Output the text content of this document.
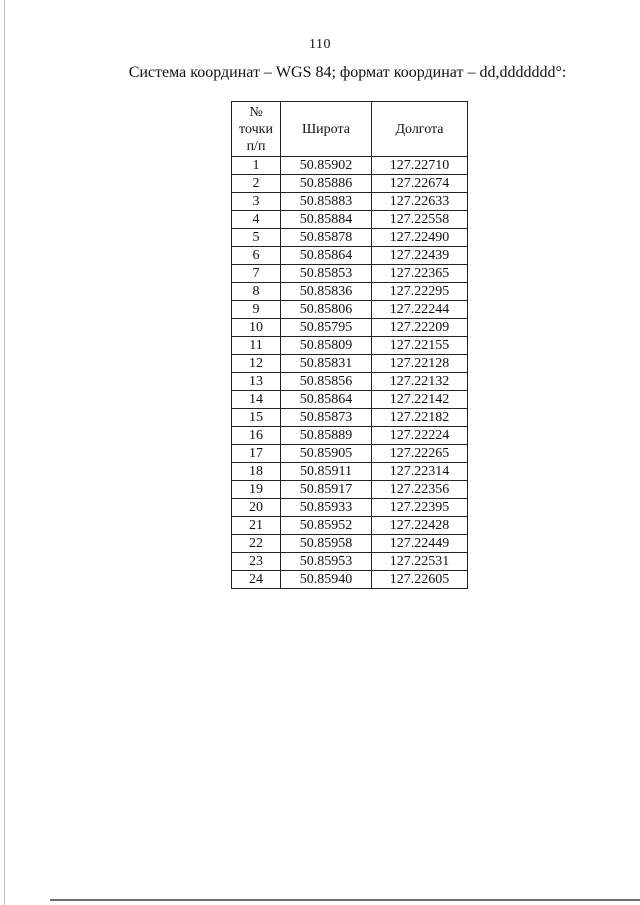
110
Система координат – WGS 84; формат координат – dd,ddddddd°:
№
точки
п/п	Широта	Долгота
1	50.85902	127.22710
2	50.85886	127.22674
3	50.85883	127.22633
4	50.85884	127.22558
5	50.85878	127.22490
6	50.85864	127.22439
7	50.85853	127.22365
8	50.85836	127.22295
9	50.85806	127.22244
10	50.85795	127.22209
11	50.85809	127.22155
12	50.85831	127.22128
13	50.85856	127.22132
14	50.85864	127.22142
15	50.85873	127.22182
16	50.85889	127.22224
17	50.85905	127.22265
18	50.85911	127.22314
19	50.85917	127.22356
20	50.85933	127.22395
21	50.85952	127.22428
22	50.85958	127.22449
23	50.85953	127.22531
24	50.85940	127.22605
